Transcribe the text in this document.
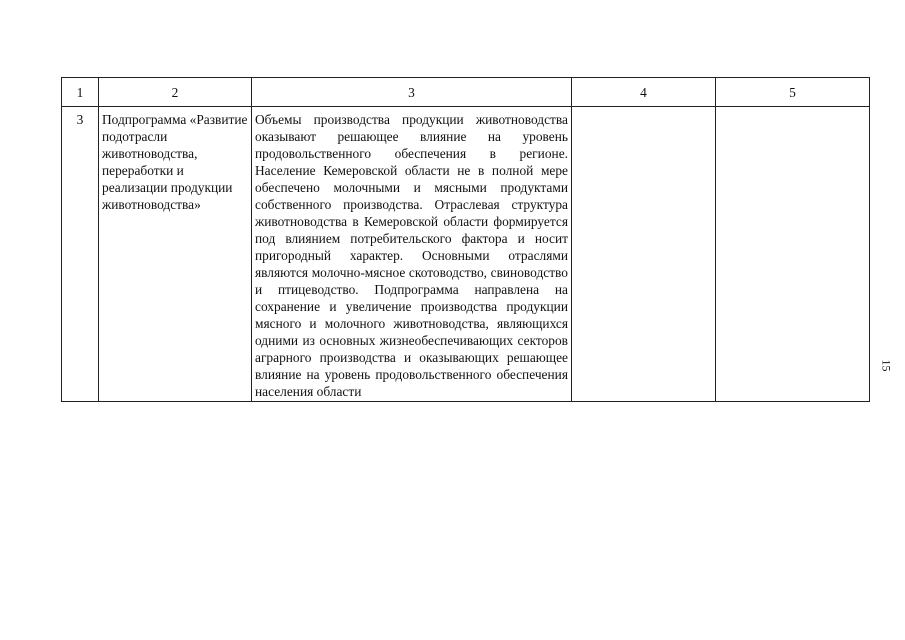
1	2	3	4	5
3	Подпрограмма «Развитие подотрасли животноводства, переработки и реализации продукции животноводства»	Объемы производства продукции животноводства оказывают решающее влияние на уровень продовольственного обеспечения в регионе. Население Кемеровской области не в полной мере обеспечено молочными и мясными продуктами собственного производства. Отраслевая структура животноводства в Кемеровской области формируется под влиянием потребительского фактора и носит пригородный характер. Основными отраслями являются молочно-мясное скотоводство, свиноводство и птицеводство. Подпрограмма направлена на сохранение и увеличение производства продукции мясного и молочного животноводства, являющихся одними из основных жизнеобеспечивающих секторов аграрного производства и оказывающих решающее влияние на уровень продовольственного обеспечения населения области		

15
